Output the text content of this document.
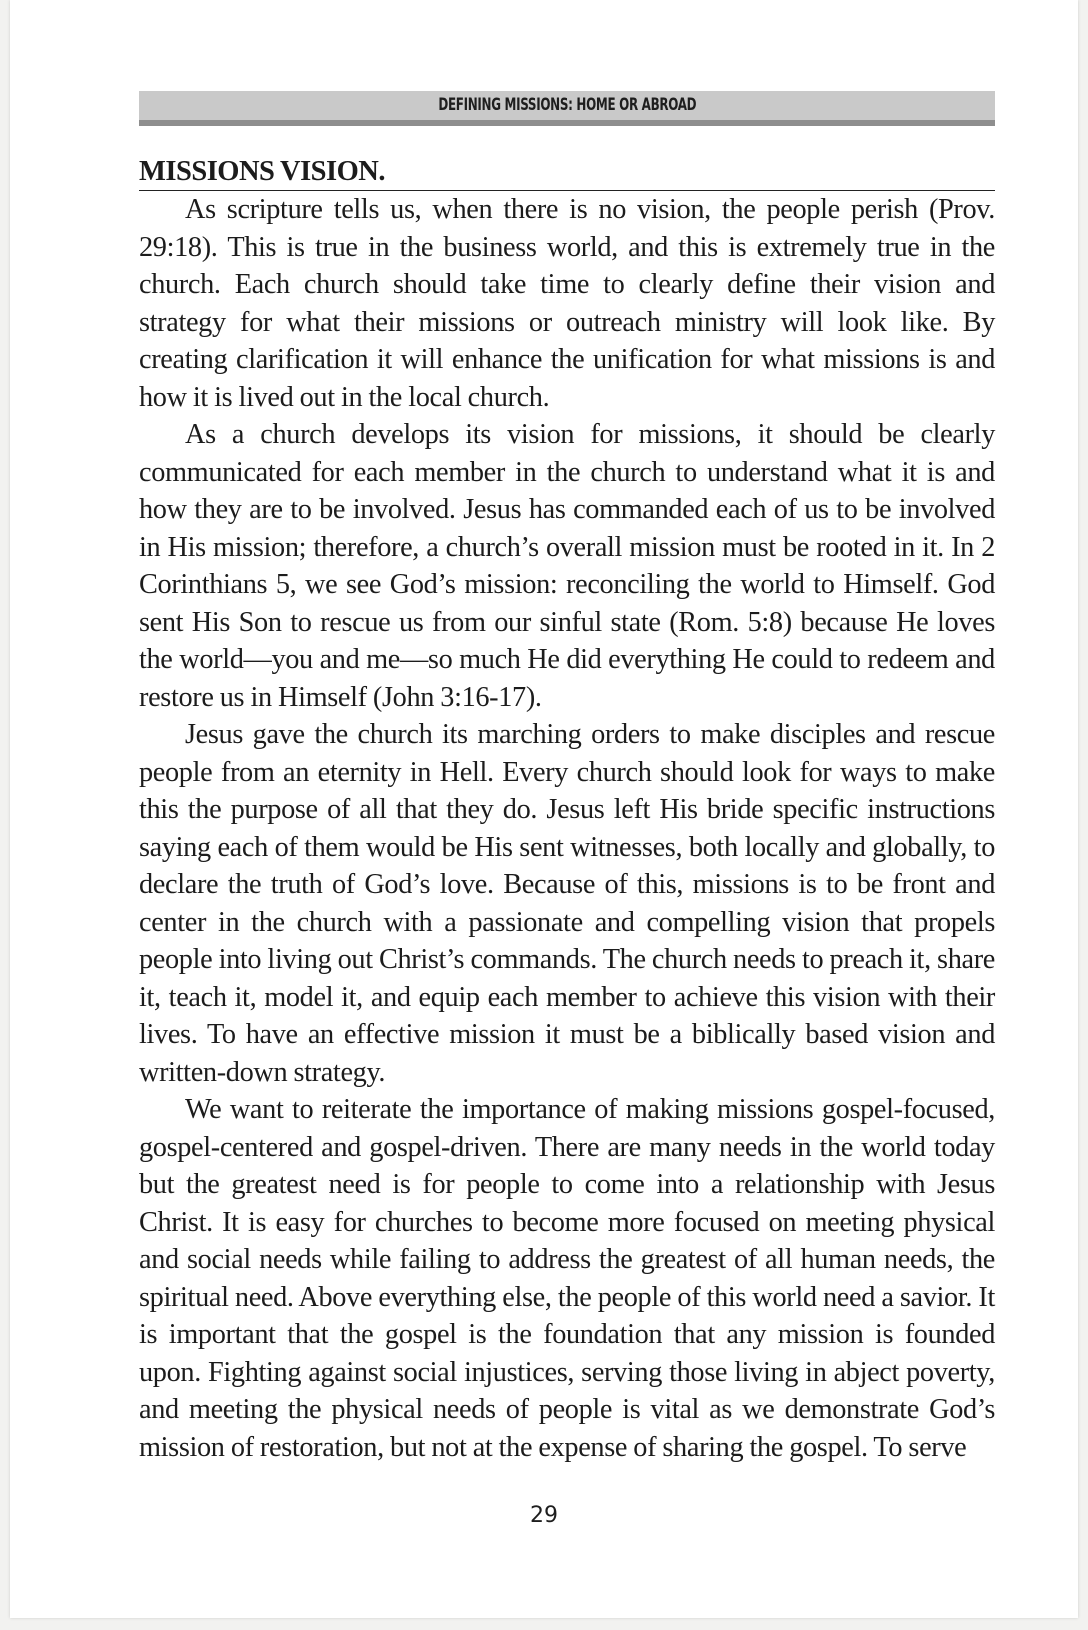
DEFINING MISSIONS: HOME OR ABROAD
MISSIONS VISION.

As scripture tells us, when there is no vision, the people perish (Prov. 29:18). This is true in the business world, and this is extremely true in the church. Each church should take time to clearly define their vision and strategy for what their missions or outreach ministry will look like. By creating clarification it will enhance the unification for what missions is and how it is lived out in the local church.

As a church develops its vision for missions, it should be clearly communicated for each member in the church to understand what it is and how they are to be involved. Jesus has commanded each of us to be involved in His mission; therefore, a church’s overall mission must be rooted in it. In 2 Corinthians 5, we see God’s mission: reconciling the world to Himself. God sent His Son to rescue us from our sinful state (Rom. 5:8) because He loves the world—you and me—so much He did everything He could to redeem and restore us in Himself (John 3:16-17).

Jesus gave the church its marching orders to make disciples and rescue people from an eternity in Hell. Every church should look for ways to make this the purpose of all that they do. Jesus left His bride specific instructions saying each of them would be His sent witnesses, both locally and globally, to declare the truth of God’s love. Because of this, missions is to be front and center in the church with a passionate and compelling vision that propels people into living out Christ’s commands. The church needs to preach it, share it, teach it, model it, and equip each member to achieve this vision with their lives. To have an effective mission it must be a biblically based vision and written-down strategy.

We want to reiterate the importance of making missions gospel-focused, gospel-centered and gospel-driven. There are many needs in the world today but the greatest need is for people to come into a relationship with Jesus Christ. It is easy for churches to become more focused on meeting physical and social needs while failing to address the greatest of all human needs, the spiritual need. Above everything else, the people of this world need a savior. It is important that the gospel is the foundation that any mission is founded upon. Fighting against social injustices, serving those living in abject poverty, and meeting the physical needs of people is vital as we demonstrate God’s mission of restoration, but not at the expense of sharing the gospel. To serve

29
